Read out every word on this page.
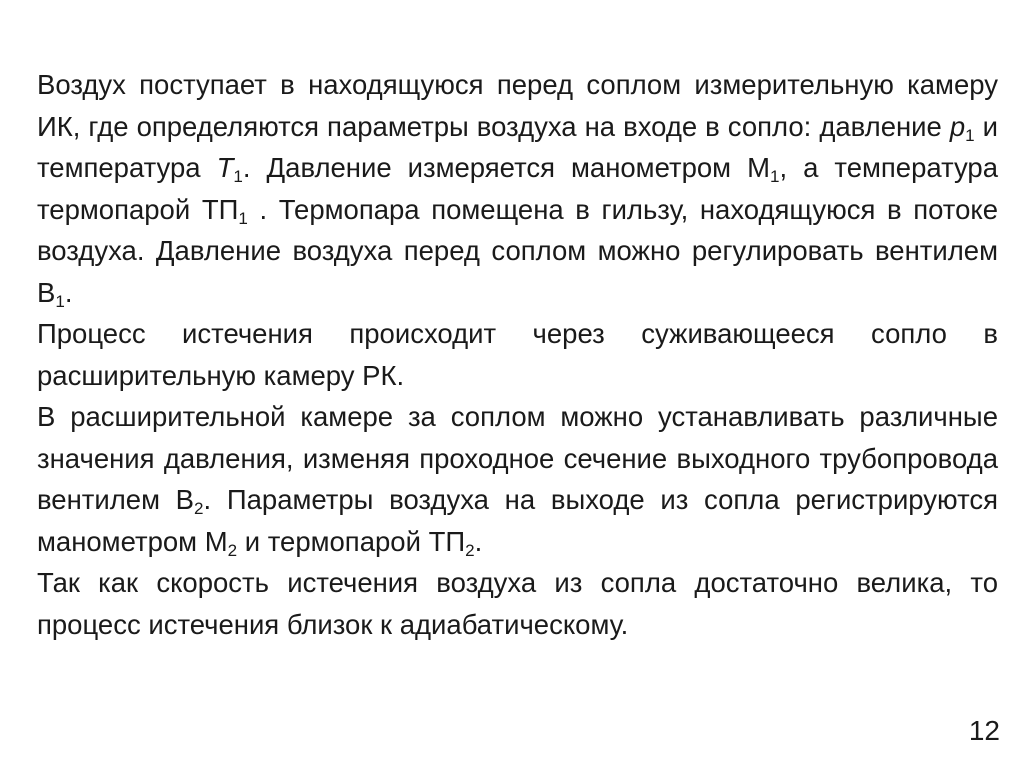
Воздух поступает в находящуюся перед соплом измерительную камеру ИК, где определяются параметры воздуха на входе в сопло: давление $p_1$ и температура $T_1$. Давление измеряется манометром $М_1$, а температура термопарой $ТП_1$ . Термопара помещена в гильзу, находящуюся в потоке воздуха. Давление воздуха перед соплом можно регулировать вентилем $В_1$.

Процесс истечения происходит через суживающееся сопло в расширительную камеру РК.

В расширительной камере за соплом можно устанавливать различные значения давления, изменяя проходное сечение выходного трубопровода вентилем $В_2$. Параметры воздуха на выходе из сопла регистрируются манометром $М_2$ и термопарой $ТП_2$.

Так как скорость истечения воздуха из сопла достаточно велика, то процесс истечения близок к адиабатическому.

12
